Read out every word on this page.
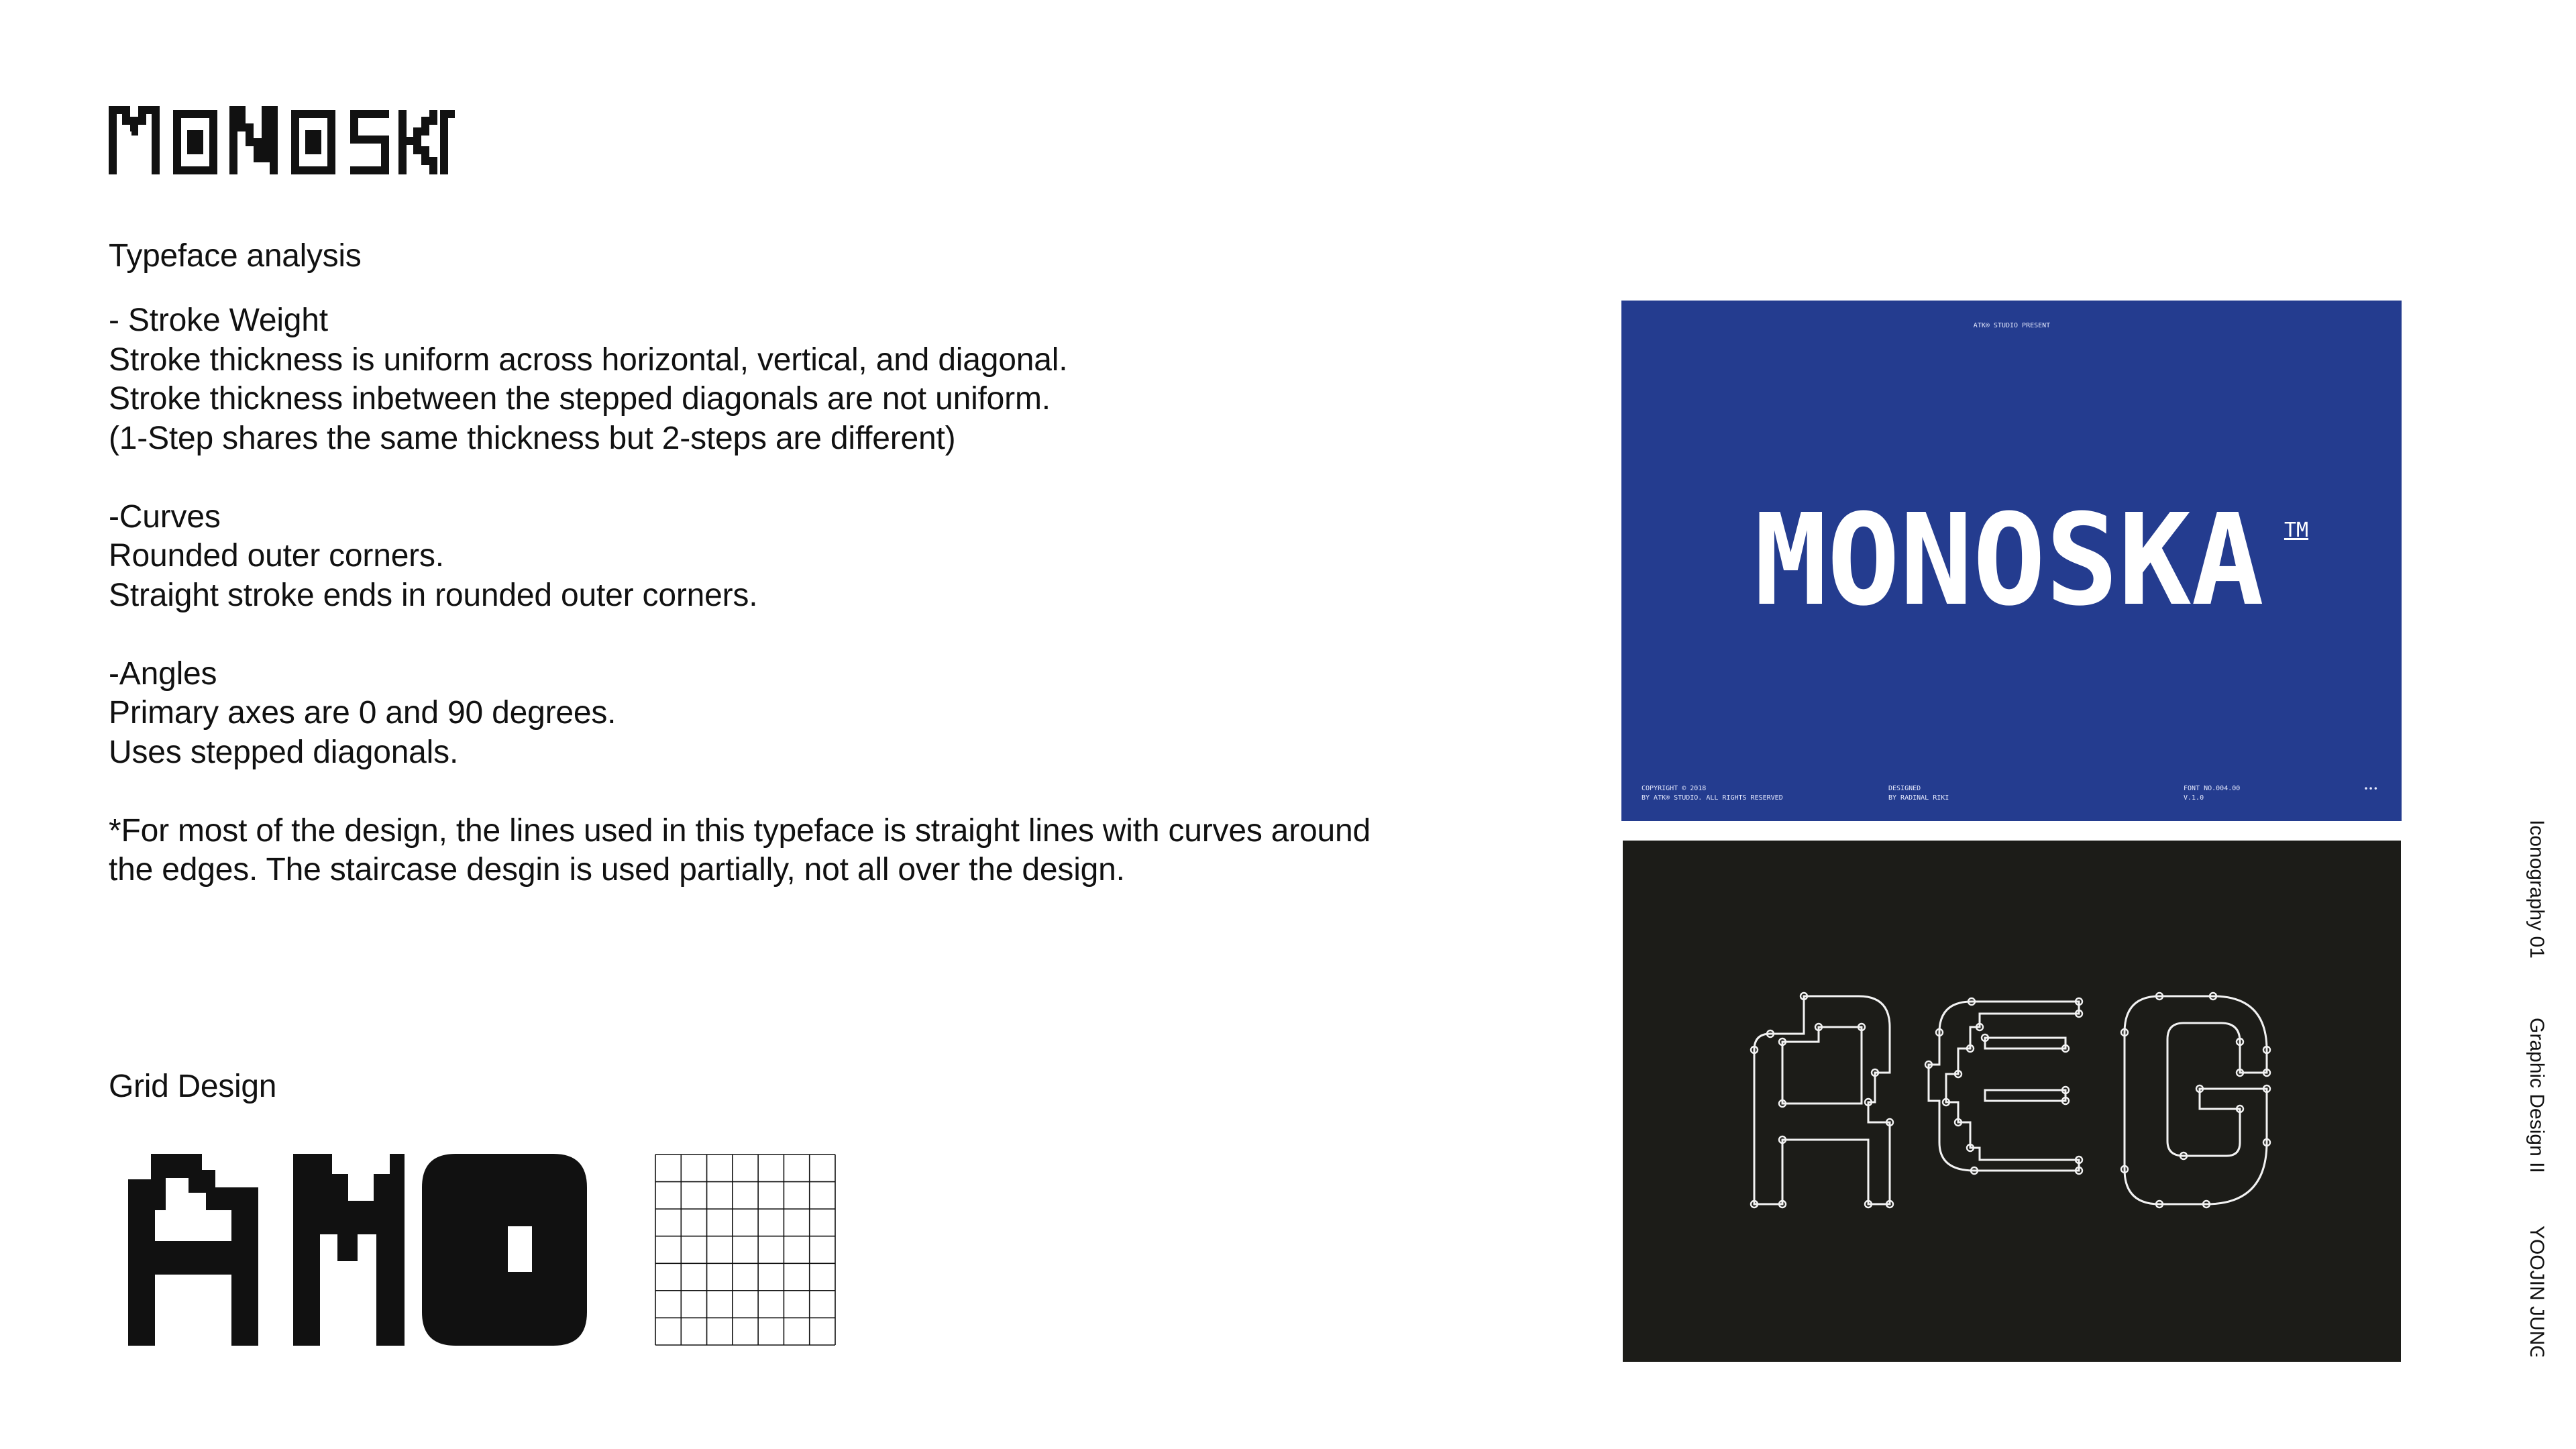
Typeface analysis

- Stroke Weight

Stroke thickness is uniform across horizontal, vertical, and diagonal.

Stroke thickness inbetween the stepped diagonals are not uniform.

(1-Step shares the same thickness but 2-steps are different)

-Curves

Rounded outer corners.

Straight stroke ends in rounded outer corners.

-Angles

Primary axes are 0 and 90 degrees.

Uses stepped diagonals.

*For most of the design, the lines used in this typeface is straight lines with curves around

the edges. The staircase desgin is used partially, not all over the design.

Grid Design
ATK® STUDIO PRESENT
MONOSKA TM
COPYRIGHT © 2018
BY ATK® STUDIO. ALL RIGHTS RESERVED
DESIGNED
BY RADINAL RIKI
FONT NO.004.00
V.1.0
•••
Iconography 01
Graphic Design II
YOOJIN JUNG
